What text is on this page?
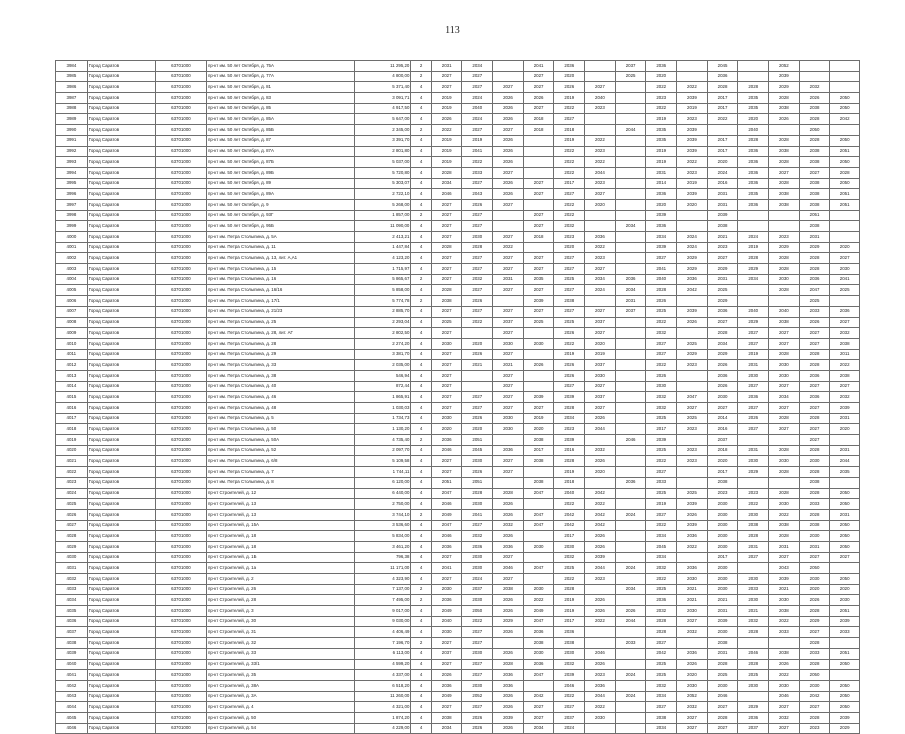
113
3984	Город Саратов	63701000	пр-кт им. 50 лет Октября, д. 75А	11 295,20	2	2031	2034		2041	2036		2037	2036		2045		2052		
3985	Город Саратов	63701000	пр-кт им. 50 лет Октября, д. 77А	4 800,00	2	2027	2027		2027	2020		2025	2020		2036		2039		
3986	Город Саратов	63701000	пр-кт им. 50 лет Октября, д. 81	5 371,40	4	2027	2027	2027	2027	2026	2027		2022	2022	2028	2028	2029	2032	
3987	Город Саратов	63701000	пр-кт им. 50 лет Октября, д. 83	3 091,71	4	2019	2024	2026	2026	2019	2040		2023	2039	2017	2035	2028	2026	2050
3988	Город Саратов	63701000	пр-кт им. 50 лет Октября, д. 85	4 917,50	4	2019	2040	2026	2027	2022	2023		2022	2019	2017	2035	2038	2038	2050
3989	Город Саратов	63701000	пр-кт им. 50 лет Октября, д. 85А	5 647,00	4	2026	2024	2026	2018	2027			2019	2023	2022	2020	2026	2028	2042
3990	Город Саратов	63701000	пр-кт им. 50 лет Октября, д. 85Б	2 345,00	2	2022	2027	2027	2018	2018		2044	2035	2039		2040		2050	
3991	Город Саратов	63701000	пр-кт им. 50 лет Октября, д. 87	3 391,70	4	2019	2019	2026		2019	2022		2035	2039	2017	2028	2028	2028	2050
3992	Город Саратов	63701000	пр-кт им. 50 лет Октября, д. 87А	2 801,80	4	2019	2041	2026		2022	2023		2019	2039	2017	2036	2038	2038	2051
3993	Город Саратов	63701000	пр-кт им. 50 лет Октября, д. 87Б	5 037,00	4	2019	2022	2026		2022	2022		2019	2022	2020	2036	2028	2038	2050
3994	Город Саратов	63701000	пр-кт им. 50 лет Октября, д. 89Б	5 720,80	4	2028	2033	2027		2022	2044		2031	2023	2024	2036	2027	2027	2028
3995	Город Саратов	63701000	пр-кт им. 50 лет Октября, д. 89	5 303,07	4	2034	2027	2026	2027	2017	2023		2014	2019	2016	2036	2028	2038	2050
3996	Город Саратов	63701000	пр-кт им. 50 лет Октября, д. 89А	2 722,10	4	2046	2043	2026	2027	2027	2027		2036	2039	2031	2035	2038	2038	2051
3997	Город Саратов	63701000	пр-кт им. 50 лет Октября, д. 9	5 268,00	4	2027	2026	2027		2022	2020		2020	2020	2031	2036	2038	2038	2051
3998	Город Саратов	63701000	пр-кт им. 50 лет Октября, д. 93Г	1 857,00	2	2027	2027		2027	2022			2039		2039			2051	
3999	Город Саратов	63701000	пр-кт им. 50 лет Октября, д. 95Б	11 090,00	4	2027	2027		2027	2032		2034	2036		2038			2038	
4000	Город Саратов	63701000	пр-кт им. Петра Столыпина, д. 5А	2 413,21	4	2027	2030	2027	2018	2023	2036		2034	2024	2021	2024	2023	2031	
4001	Город Саратов	63701000	пр-кт им. Петра Столыпина, д. 11	1 447,84	4	2028	2028	2022		2020	2022		2039	2024	2023	2019	2029	2029	2020
4002	Город Саратов	63701000	пр-кт им. Петра Столыпина, д. 13, лит. А,А1	4 123,20	4	2027	2027	2027	2027	2027	2023		2027	2029	2027	2028	2028	2028	2027
4003	Город Саратов	63701000	пр-кт им. Петра Столыпина, д. 15	1 715,97	4	2027	2027	2027	2027	2027	2027		2041	2029	2029	2029	2028	2028	2030
4004	Город Саратов	63701000	пр-кт им. Петра Столыпина, д. 16	5 865,67	2	2027	2032	2031	2035	2025	2034	2036	2040	2036	2031	2034	2030	2036	2041
4005	Город Саратов	63701000	пр-кт им. Петра Столыпина, д. 16/16	5 858,00	4	2028	2027	2027	2027	2027	2024	2034	2028	2042	2025		2028	2047	2025
4006	Город Саратов	63701000	пр-кт им. Петра Столыпина, д. 17/1	5 774,78	2	2038	2026		2039	2038		2031	2026		2029			2025	
4007	Город Саратов	63701000	пр-кт им. Петра Столыпина, д. 21/23	2 885,70	4	2027	2027	2027	2027	2027	2027	2037	2025	2039	2036	2040	2040	2033	2036
4008	Город Саратов	63701000	пр-кт им. Петра Столыпина, д. 25	2 293,04	4	2025	2022	2037	2025	2025	2037		2022	2026	2027	2029	2038	2026	2027
4009	Город Саратов	63701000	пр-кт им. Петра Столыпина, д. 28, лит. АГ	2 802,50	4	2027		2027		2026	2027		2032		2028	2027	2027	2027	2032
4010	Город Саратов	63701000	пр-кт им. Петра Столыпина, д. 28	2 274,20	4	2030	2020	2030	2030	2022	2020		2027	2025	2034	2027	2027	2027	2038
4011	Город Саратов	63701000	пр-кт им. Петра Столыпина, д. 29	3 381,70	4	2027	2026	2027		2019	2019		2027	2029	2029	2019	2028	2028	2011
4012	Город Саратов	63701000	пр-кт им. Петра Столыпина, д. 33	2 035,00	4	2027	2021	2021	2026	2026	2037		2022	2023	2026	2031	2030	2028	2022
4013	Город Саратов	63701000	пр-кт им. Петра Столыпина, д. 38	546,94	4	2027		2027		2026	2030		2026		2036	2030	2030	2036	2038
4014	Город Саратов	63701000	пр-кт им. Петра Столыпина, д. 40	872,44	4	2027		2027		2027	2027		2030		2026	2027	2027	2027	2027
4015	Город Саратов	63701000	пр-кт им. Петра Столыпина, д. 46	1 865,91	4	2027	2027	2027	2039	2039	2037		2032	2047	2030	2036	2034	2036	2032
4016	Город Саратов	63701000	пр-кт им. Петра Столыпина, д. 48	1 030,03	4	2027	2027	2027	2027	2028	2027		2032	2027	2027	2027	2027	2027	2039
4017	Город Саратов	63701000	пр-кт им. Петра Столыпина, д. 5	1 734,73	4	2030	2026	2030	2019	2034	2026		2025	2025	2014	2026	2028	2028	2031
4018	Город Саратов	63701000	пр-кт им. Петра Столыпина, д. 50	1 130,20	4	2020	2020	2030	2020	2023	2044		2017	2023	2016	2027	2027	2027	2020
4019	Город Саратов	63701000	пр-кт им. Петра Столыпина, д. 50А	4 735,40	2	2036	2051		2038	2039		2046	2039		2037			2027	
4020	Город Саратов	63701000	пр-кт им. Петра Столыпина, д. 52	2 097,70	4	2046	2045	2036	2017	2016	2032		2025	2023	2018	2031	2028	2028	2031
4021	Город Саратов	63701000	пр-кт им. Петра Столыпина, д. 6/8	5 109,58	4	2027	2030	2027	2038	2028	2026		2022	2023	2020	2030	2030	2030	2044
4022	Город Саратов	63701000	пр-кт им. Петра Столыпина, д. 7	1 744,11	4	2027	2026	2027		2019	2020		2027		2017	2029	2028	2028	2035
4023	Город Саратов	63701000	пр-кт им. Петра Столыпина, д. 8	6 120,00	4	2051	2051		2038	2018		2036	2033		2038			2038	
4024	Город Саратов	63701000	пр-кт Строителей, д. 12	6 440,00	4	2047	2028	2028	2047	2040	2042		2025	2025	2023	2023	2028	2028	2050
4025	Город Саратов	63701000	пр-кт Строителей, д. 13	2 750,00	4	2046	2030	2026		2022	2022		2019	2039	2030	2022	2030	2033	2050
4026	Город Саратов	63701000	пр-кт Строителей, д. 13	3 744,10	2	2049	2041	2026	2047	2042	2042	2024	2027	2026	2030	2030	2022	2028	2031
4027	Город Саратов	63701000	пр-кт Строителей, д. 15А	3 536,60	4	2047	2027	2032	2047	2042	2042		2022	2039	2030	2038	2038	2038	2050
4028	Город Саратов	63701000	пр-кт Строителей, д. 18	5 834,00	4	2046	2032	2026		2017	2026		2034	2036	2030	2028	2028	2030	2050
4029	Город Саратов	63701000	пр-кт Строителей, д. 18	3 461,20	4	2036	2036	2036	2030	2030	2026		2045	2022	2030	2031	2031	2031	2050
4030	Город Саратов	63701000	пр-кт Строителей, д. 1Б	796,38	4	2027	2030	2027		2032	2039		2034		2017	2027	2027	2027	2027
4031	Город Саратов	63701000	пр-кт Строителей, д. 1а	11 171,00	4	2041	2030	2046	2047	2025	2044	2024	2032	2036	2030		2043	2050	
4032	Город Саратов	63701000	пр-кт Строителей, д. 2	4 323,90	4	2027	2024	2027		2022	2023		2022	2030	2030	2030	2039	2030	2050
4033	Город Саратов	63701000	пр-кт Строителей, д. 26	7 137,00	2	2030	2037	2038	2030	2028		2034	2025	2021	2030	2033	2021	2020	2020
4034	Город Саратов	63701000	пр-кт Строителей, д. 28	7 495,00	2	2036	2030	2026	2022	2019	2026		2036	2021	2021	2030	2030	2026	2030
4035	Город Саратов	63701000	пр-кт Строителей, д. 3	9 017,00	4	2049	2050	2026	2049	2019	2026	2026	2032	2030	2031	2021	2038	2028	2051
4036	Город Саратов	63701000	пр-кт Строителей, д. 30	9 030,00	4	2040	2022	2029	2047	2017	2022	2044	2028	2027	2039	2032	2022	2029	2039
4037	Город Саратов	63701000	пр-кт Строителей, д. 31	4 406,49	4	2030	2027	2026	2036	2036			2028	2032	2030	2028	2033	2027	2033
4038	Город Саратов	63701000	пр-кт Строителей, д. 32	7 196,70	2	2027	2027		2038	2038		2033	2027		2038			2028	
4039	Город Саратов	63701000	пр-кт Строителей, д. 33	6 113,00	4	2037	2030	2026	2030	2030	2046		2042	2036	2031	2046	2038	2033	2051
4040	Город Саратов	63701000	пр-кт Строителей, д. 33/1	4 599,20	4	2027	2027	2028	2036	2032	2026		2025	2026	2028	2028	2026	2028	2050
4041	Город Саратов	63701000	пр-кт Строителей, д. 35	4 337,00	4	2026	2027	2036	2047	2039	2023	2024	2025	2020	2025	2025	2022	2050	
4042	Город Саратов	63701000	пр-кт Строителей, д. 38А	6 518,20	4	2036	2030	2036		2046	2036		2032	2030	2030	2030	2030	2030	2050
4043	Город Саратов	63701000	пр-кт Строителей, д. 3А	11 260,00	4	2049	2052	2026	2042	2022	2044	2024	2034	2052	2046		2046	2042	2050
4044	Город Саратов	63701000	пр-кт Строителей, д. 4	4 321,00	4	2027	2027	2026	2027	2027	2022		2027	2032	2027	2029	2027	2027	2050
4045	Город Саратов	63701000	пр-кт Строителей, д. 50	1 874,20	4	2038	2026	2039	2027	2037	2030		2038	2027	2028	2036	2032	2028	2039
4046	Город Саратов	63701000	пр-кт Строителей, д. 54	4 229,00	4	2034	2026	2026	2034	2024			2034	2027	2027	2037	2027	2023	2029
